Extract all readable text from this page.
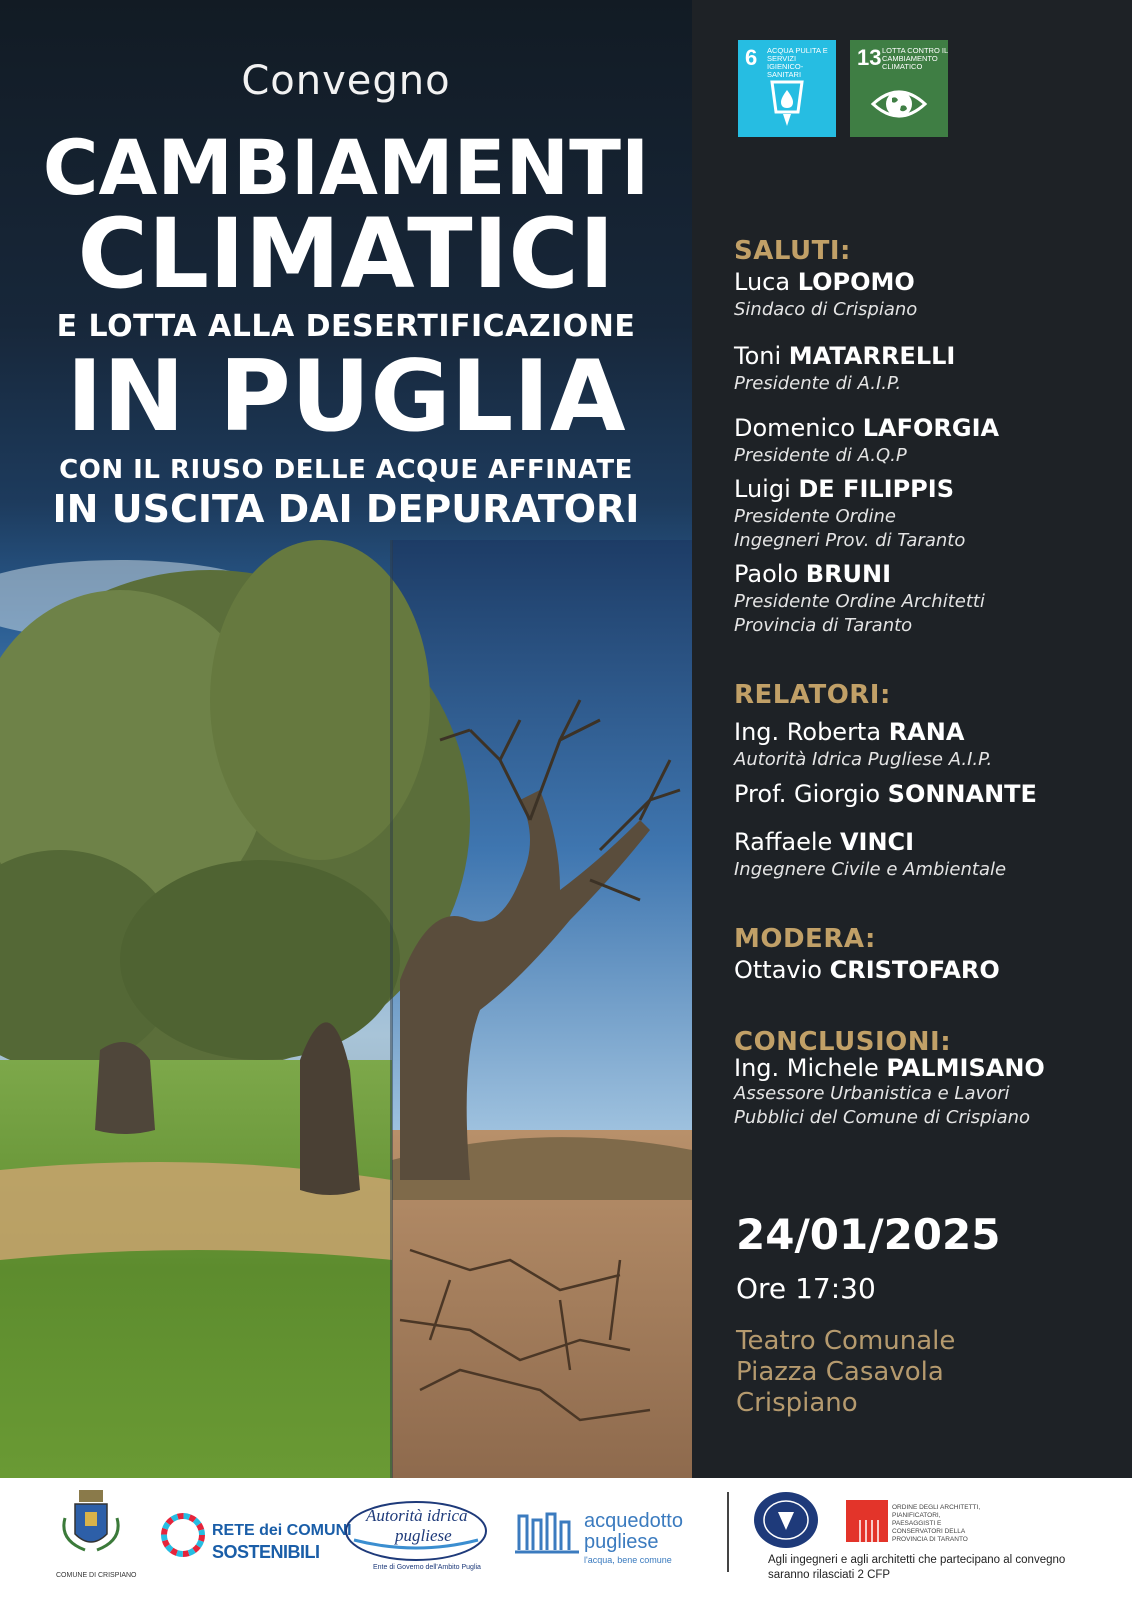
Convegno
CAMBIAMENTI
CLIMATICI
E LOTTA ALLA DESERTIFICAZIONE
IN PUGLIA
CON IL RIUSO DELLE ACQUE AFFINATE
IN USCITA DAI DEPURATORI
6 ACQUA PULITA E SERVIZI IGIENICO-SANITARI
13 LOTTA CONTRO IL CAMBIAMENTO CLIMATICO
SALUTI:
Luca LOPOMO
Sindaco di Crispiano
Toni MATARRELLI
Presidente di A.I.P.
Domenico LAFORGIA
Presidente di A.Q.P
Luigi DE FILIPPIS
Presidente Ordine
Ingegneri Prov. di Taranto
Paolo BRUNI
Presidente Ordine Architetti
Provincia di Taranto
RELATORI:
Ing. Roberta RANA
Autorità Idrica Pugliese A.I.P.
Prof. Giorgio SONNANTE
Raffaele VINCI
Ingegnere Civile e Ambientale
MODERA:
Ottavio CRISTOFARO
CONCLUSIONI:
Ing. Michele PALMISANO
Assessore Urbanistica e Lavori
Pubblici del Comune di Crispiano
24/01/2025
Ore 17:30
Teatro Comunale
Piazza Casavola
Crispiano
COMUNE DI CRISPIANO
RETE dei COMUNI
SOSTENIBILI
Autorità idrica
pugliese
Ente di Governo dell'Ambito Puglia
acquedotto
pugliese
l'acqua, bene comune
ORDINE DEGLI ARCHITETTI, PIANIFICATORI, PAESAGGISTI E CONSERVATORI DELLA PROVINCIA DI TARANTO
Agli ingegneri e agli architetti che partecipano al convegno saranno rilasciati 2 CFP
